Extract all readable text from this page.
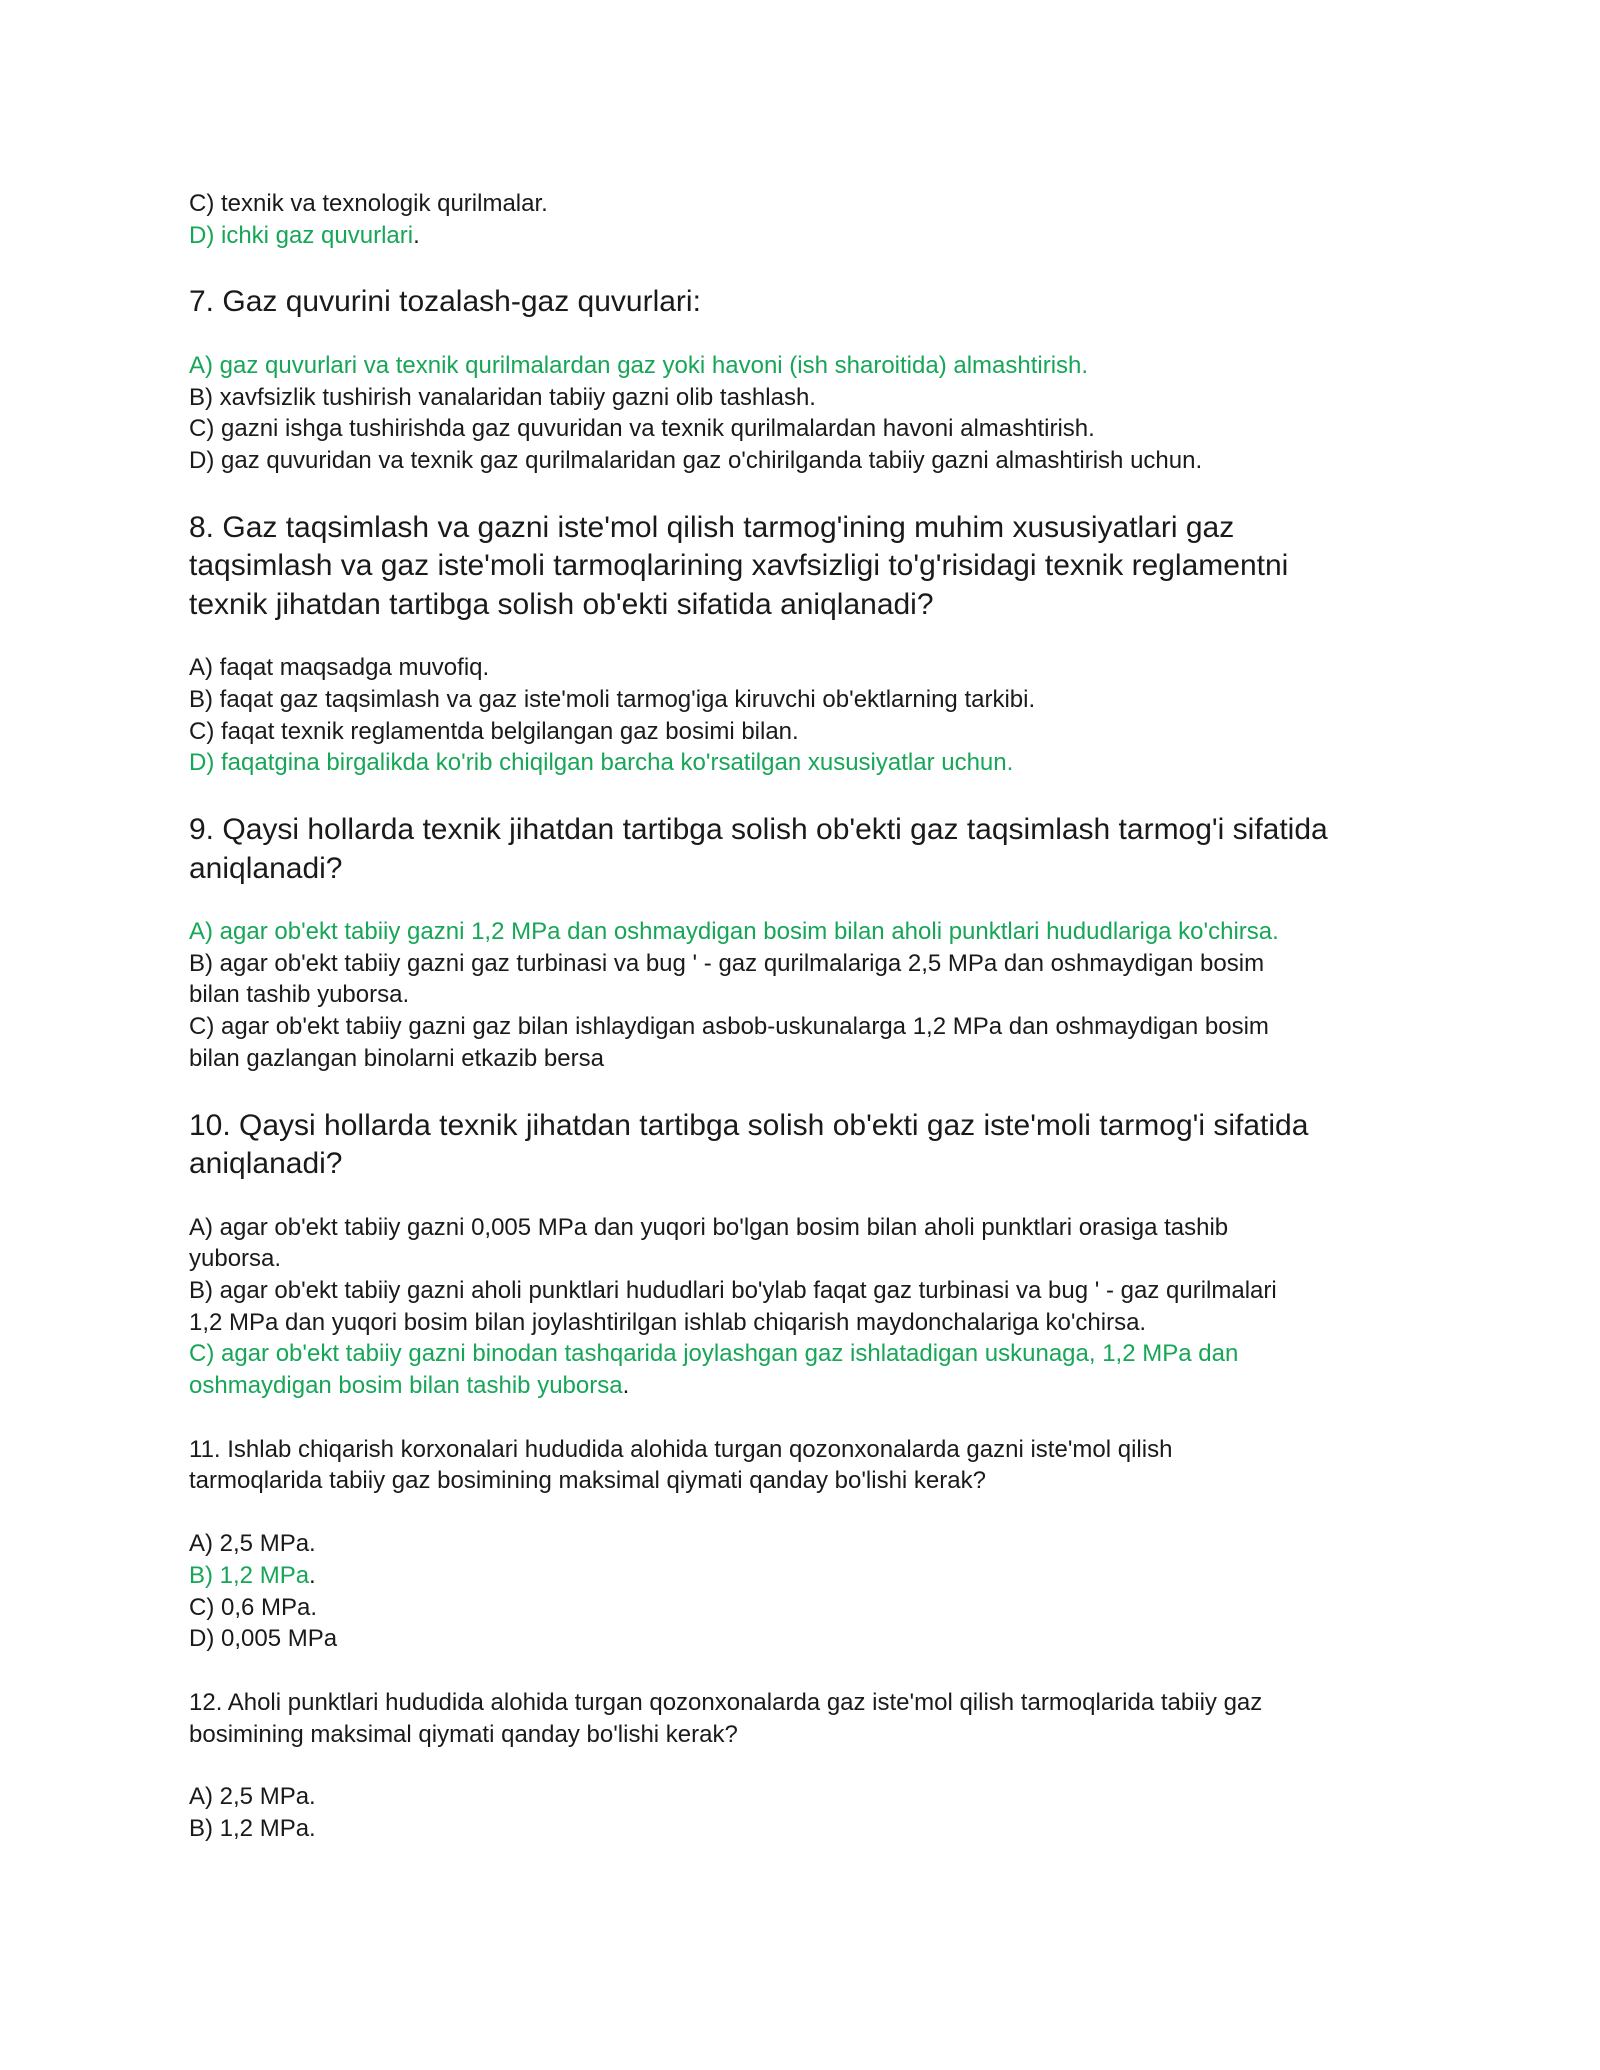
C) texnik va texnologik qurilmalar.

D) ichki gaz quvurlari.

7. Gaz quvurini tozalash-gaz quvurlari:

A) gaz quvurlari va texnik qurilmalardan gaz yoki havoni (ish sharoitida) almashtirish.

B) xavfsizlik tushirish vanalaridan tabiiy gazni olib tashlash.

C) gazni ishga tushirishda gaz quvuridan va texnik qurilmalardan havoni almashtirish.

D) gaz quvuridan va texnik gaz qurilmalaridan gaz o'chirilganda tabiiy gazni almashtirish uchun.

8. Gaz taqsimlash va gazni iste'mol qilish tarmog'ining muhim xususiyatlari gaz

taqsimlash va gaz iste'moli tarmoqlarining xavfsizligi to'g'risidagi texnik reglamentni

texnik jihatdan tartibga solish ob'ekti sifatida aniqlanadi?

A) faqat maqsadga muvofiq.

B) faqat gaz taqsimlash va gaz iste'moli tarmog'iga kiruvchi ob'ektlarning tarkibi.

C) faqat texnik reglamentda belgilangan gaz bosimi bilan.

D) faqatgina birgalikda ko'rib chiqilgan barcha ko'rsatilgan xususiyatlar uchun.

9. Qaysi hollarda texnik jihatdan tartibga solish ob'ekti gaz taqsimlash tarmog'i sifatida

aniqlanadi?

A) agar ob'ekt tabiiy gazni 1,2 MPa dan oshmaydigan bosim bilan aholi punktlari hududlariga ko'chirsa.

B) agar ob'ekt tabiiy gazni gaz turbinasi va bug ' - gaz qurilmalariga 2,5 MPa dan oshmaydigan bosim

bilan tashib yuborsa.

C) agar ob'ekt tabiiy gazni gaz bilan ishlaydigan asbob-uskunalarga 1,2 MPa dan oshmaydigan bosim

bilan gazlangan binolarni etkazib bersa

10. Qaysi hollarda texnik jihatdan tartibga solish ob'ekti gaz iste'moli tarmog'i sifatida

aniqlanadi?

A) agar ob'ekt tabiiy gazni 0,005 MPa dan yuqori bo'lgan bosim bilan aholi punktlari orasiga tashib

yuborsa.

B) agar ob'ekt tabiiy gazni aholi punktlari hududlari bo'ylab faqat gaz turbinasi va bug ' - gaz qurilmalari

1,2 MPa dan yuqori bosim bilan joylashtirilgan ishlab chiqarish maydonchalariga ko'chirsa.

C) agar ob'ekt tabiiy gazni binodan tashqarida joylashgan gaz ishlatadigan uskunaga, 1,2 MPa dan

oshmaydigan bosim bilan tashib yuborsa.

11. Ishlab chiqarish korxonalari hududida alohida turgan qozonxonalarda gazni iste'mol qilish

tarmoqlarida tabiiy gaz bosimining maksimal qiymati qanday bo'lishi kerak?

A) 2,5 MPa.

B) 1,2 MPa.

C) 0,6 MPa.

D) 0,005 MPa

12. Aholi punktlari hududida alohida turgan qozonxonalarda gaz iste'mol qilish tarmoqlarida tabiiy gaz

bosimining maksimal qiymati qanday bo'lishi kerak?

A) 2,5 MPa.

B) 1,2 MPa.
